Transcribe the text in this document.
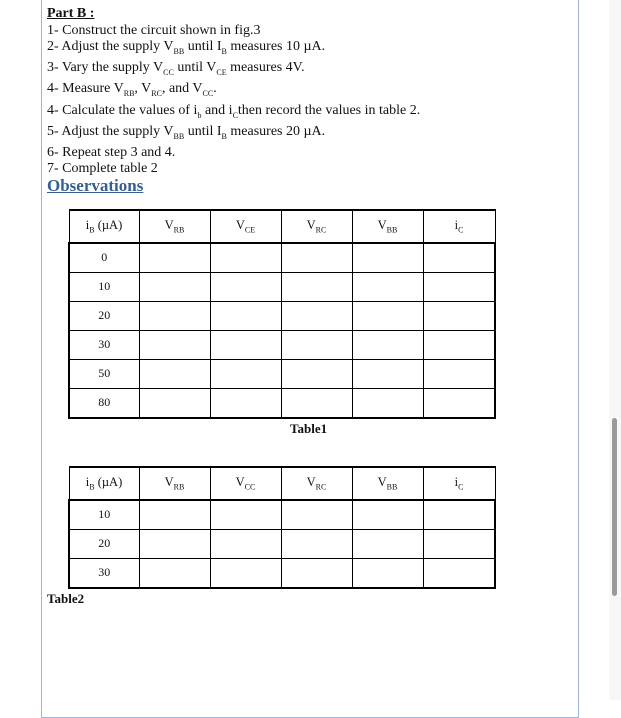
Part B :
1- Construct the circuit shown in fig.3
2- Adjust the supply $V_{BB}$ until $I_B$ measures 10 µA.
3- Vary the supply $V_{CC}$ until $V_{CE}$ measures 4V.
4- Measure $V_{RB}$, $V_{RC}$, and $V_{CC}$.
4- Calculate the values of $i_b$ and $i_Cthen$ record the values in table 2.
5- Adjust the supply $V_{BB}$ until $I_B$ measures 20 µA.
6- Repeat step 3 and 4.
7- Complete table 2
Observations
$i_B$ (µA)	$V_{RB}$	$V_{CE}$	$V_{RC}$	$V_{BB}$	$i_C$
0					
10					
20					
30					
50					
80					
Table1
$i_B$ (µA)	$V_{RB}$	$V_{CC}$	$V_{RC}$	$V_{BB}$	$i_C$
10					
20					
30					
Table2
